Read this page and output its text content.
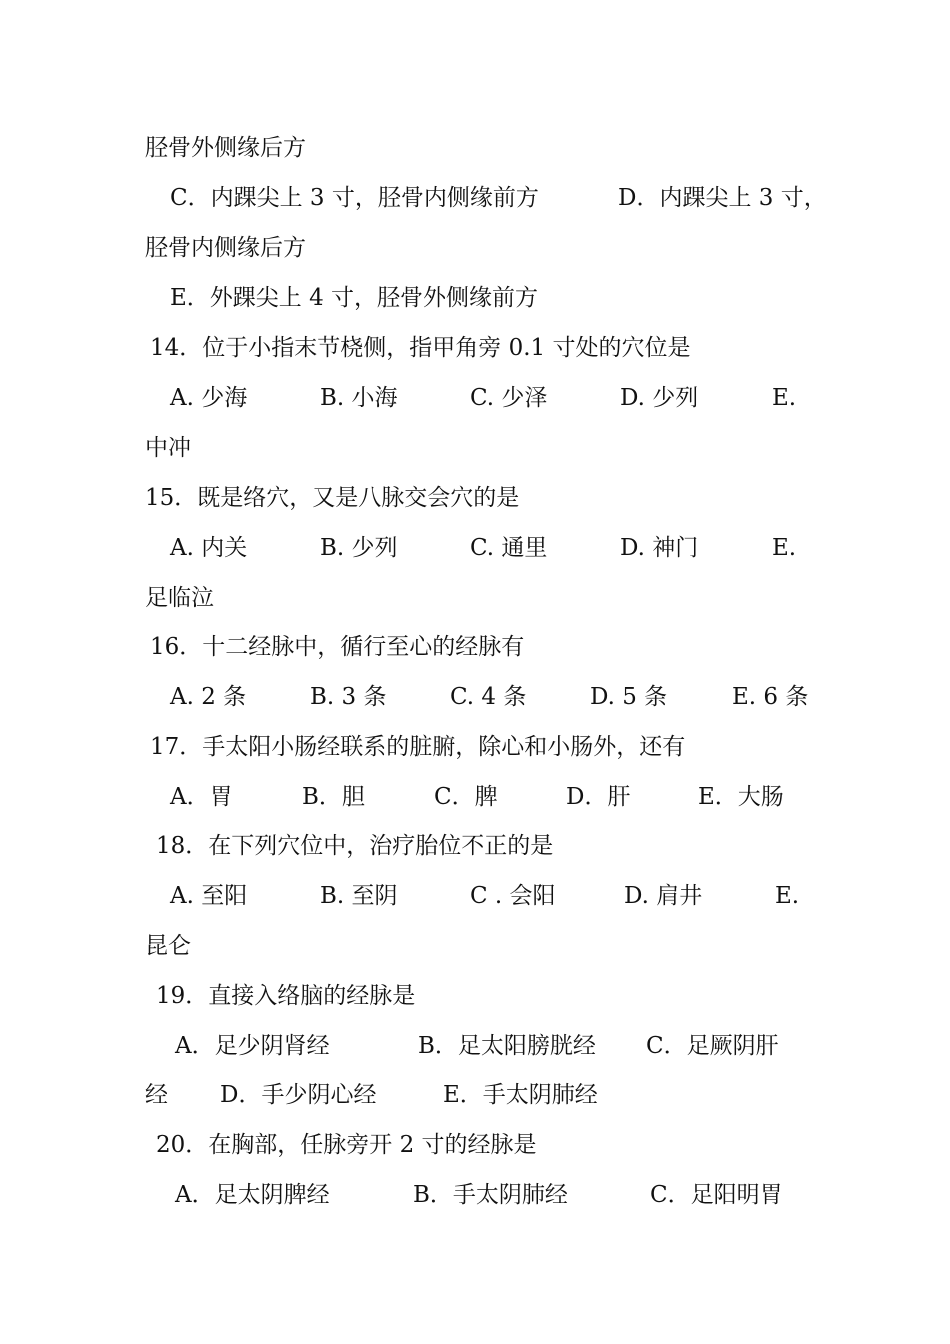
胫骨外侧缘后方
C．内踝尖上 3 寸，胫骨内侧缘前方	D．内踝尖上 3 寸，
胫骨内侧缘后方
E．外踝尖上 4 寸，胫骨外侧缘前方
14．位于小指末节桡侧，指甲角旁 0.1 寸处的穴位是
A. 少海	B. 小海	C. 少泽	D. 少列	E.
中冲
15．既是络穴，又是八脉交会穴的是
A. 内关	B. 少列	C. 通里	D. 神门	E.
足临泣
16．十二经脉中，循行至心的经脉有
A. 2 条	B. 3 条	C. 4 条	D. 5 条	E. 6 条
17．手太阳小肠经联系的脏腑，除心和小肠外，还有
A．胃	B．胆	C．脾	D．肝	E．大肠
18．在下列穴位中，治疗胎位不正的是
A. 至阳	B. 至阴	C . 会阳	D. 肩井	E.
昆仑
19．直接入络脑的经脉是
A．足少阴肾经	B．足太阳膀胱经 C．足厥阴肝
经 D．手少阴心经	E．手太阴肺经
20．在胸部，任脉旁开 2 寸的经脉是
A．足太阴脾经	B．手太阴肺经	C．足阳明胃
